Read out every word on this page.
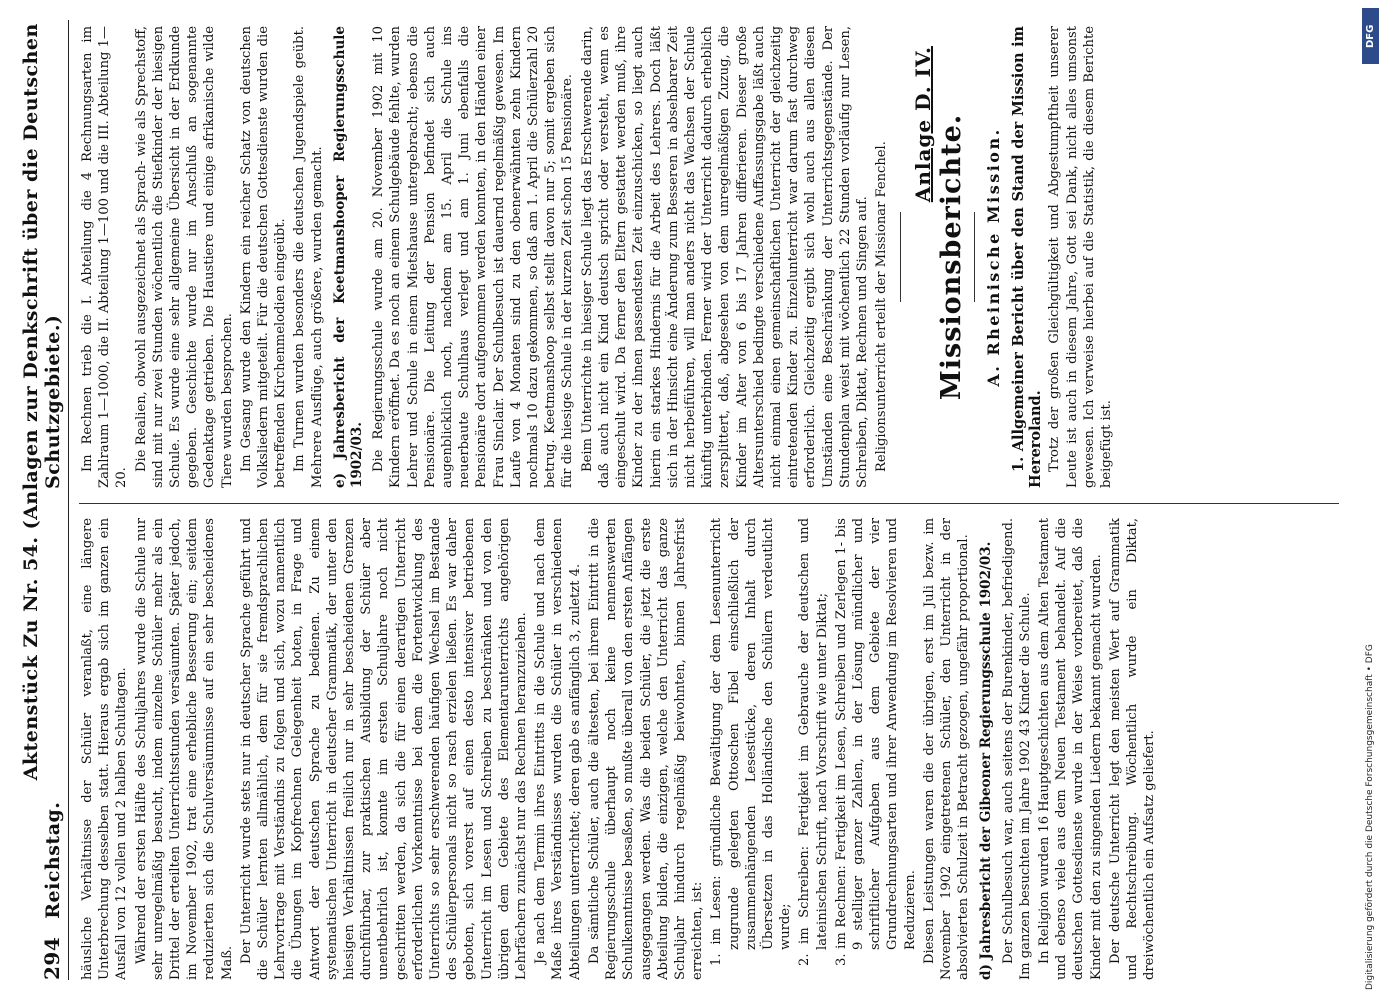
294
Reichstag.
Aktenstück Zu Nr. 54. (Anlagen zur Denkschrift über die Deutschen Schutzgebiete.)

häusliche Verhältnisse der Schüler veranlaßt, eine längere Unterbrechung desselben statt. Hieraus ergab sich im ganzen ein Ausfall von 12 vollen und 2 halben Schultagen. Während der ersten Hälfte des Schuljahres wurde die Schule nur sehr unregelmäßig besucht, indem einzelne Schüler mehr als ein Drittel der erteilten Unterrichtsstunden versäumten. Später jedoch, im November 1902, trat eine erhebliche Besserung ein; seitdem reduzierten sich die Schulversäumnisse auf ein sehr bescheidenes Maß. Der Unterricht wurde stets nur in deutscher Sprache geführt und die Schüler lernten allmählich, dem für sie fremdsprachlichen Lehrvortrage mit Verständnis zu folgen und sich, wozu namentlich die Übungen im Kopfrechnen Gelegenheit boten, in Frage und Antwort der deutschen Sprache zu bedienen. Zu einem systematischen Unterricht in deutscher Grammatik, der unter den hiesigen Verhältnissen freilich nur in sehr bescheidenen Grenzen durchführbar, zur praktischen Ausbildung der Schüler aber unentbehrlich ist, konnte im ersten Schuljahre noch nicht geschritten werden, da sich die für einen derartigen Unterricht erforderlichen Vorkenntnisse bei dem die Fortentwicklung des Unterrichts so sehr erschwerenden häufigen Wechsel im Bestande des Schülerpersonals nicht so rasch erzielen ließen. Es war daher geboten, sich vorerst auf einen desto intensiver betriebenen Unterricht im Lesen und Schreiben zu beschränken und von den übrigen dem Gebiete des Elementarunterrichts angehörigen Lehrfächern zunächst nur das Rechnen heranzuziehen. Je nach dem Termin ihres Eintritts in die Schule und nach dem Maße ihres Verständnisses wurden die Schüler in verschiedenen Abteilungen unterrichtet; deren gab es anfänglich 3, zuletzt 4. Da sämtliche Schüler, auch die ältesten, bei ihrem Eintritt in die Regierungsschule überhaupt noch keine nennenswerten Schulkenntnisse besaßen, so mußte überall von den ersten Anfängen ausgegangen werden. Was die beiden Schüler, die jetzt die erste Abteilung bilden, die einzigen, welche den Unterricht das ganze Schuljahr hindurch regelmäßig beiwohnten, binnen Jahresfrist erreichten, ist: 1. im Lesen: gründliche Bewältigung der dem Lesenunterricht zugrunde gelegten Ottoschen Fibel einschließlich der zusammenhängenden Lesestücke, deren Inhalt durch Übersetzen in das Holländische den Schülern verdeutlicht wurde; 2. im Schreiben: Fertigkeit im Gebrauche der deutschen und lateinischen Schrift, nach Vorschrift wie unter Diktat; 3. im Rechnen: Fertigkeit im Lesen, Schreiben und Zerlegen 1- bis 9 stelliger ganzer Zahlen, in der Lösung mündlicher und schriftlicher Aufgaben aus dem Gebiete der vier Grundrechnungsarten und ihrer Anwendung im Resolvieren und Reduzieren. Diesen Leistungen waren die der übrigen, erst im Juli bezw. im November 1902 eingetretenen Schüler, den Unterricht in der absolvierten Schulzeit in Betracht gezogen, ungefähr proportional. d) Jahresbericht der Gibeoner Regierungsschule 1902/03. Der Schulbesuch war, auch seitens der Burenkinder, befriedigend. Im ganzen besuchten im Jahre 1902 43 Kinder die Schule. In Religion wurden 16 Hauptgeschichten aus dem Alten Testament und ebenso viele aus dem Neuen Testament behandelt. Auf die deutschen Gottesdienste wurde in der Weise vorbereitet, daß die Kinder mit den zu singenden Liedern bekannt gemacht wurden. Der deutsche Unterricht legt den meisten Wert auf Grammatik und Rechtschreibung. Wöchentlich wurde ein Diktat, dreiwöchentlich ein Aufsatz geliefert.

Im Rechnen trieb die I. Abteilung die 4 Rechnungsarten im Zahlraum 1—1000, die II. Abteilung 1—100 und die III. Abteilung 1—20.

Die Realien, obwohl ausgezeichnet als Sprach- wie als Sprechstoff, sind mit nur zwei Stunden wöchentlich die Stiefkinder der hiesigen Schule. Es wurde eine sehr allgemeine Übersicht in der Erdkunde gegeben. Geschichte wurde nur im Anschluß an sogenannte Gedenktage getrieben. Die Haustiere und einige afrikanische wilde Tiere wurden besprochen. Im Gesang wurde den Kindern ein reicher Schatz von deutschen Volksliedern mitgeteilt. Für die deutschen Gottesdienste wurden die betreffenden Kirchenmelodien eingeübt. Im Turnen wurden besonders die deutschen Jugendspiele geübt. Mehrere Ausflüge, auch größere, wurden gemacht. e) Jahresbericht der Keetmanshooper Regierungsschule 1902/03. Die Regierungsschule wurde am 20. November 1902 mit 10 Kindern eröffnet. Da es noch an einem Schulgebäude fehlte, wurden Lehrer und Schule in einem Mietshause untergebracht; ebenso die Pensionäre. Die Leitung der Pension befindet sich auch augenblicklich noch, nachdem am 15. April die Schule ins neuerbaute Schulhaus verlegt und am 1. Juni ebenfalls die Pensionäre dort aufgenommen werden konnten, in den Händen einer Frau Sinclair. Der Schulbesuch ist dauernd regelmäßig gewesen. Im Laufe von 4 Monaten sind zu den obenerwähnten zehn Kindern nochmals 10 dazu gekommen, so daß am 1. April die Schülerzahl 20 betrug. Keetmanshoop selbst stellt davon nur 5; somit ergeben sich für die hiesige Schule in der kurzen Zeit schon 15 Pensionäre. Beim Unterrichte in hiesiger Schule liegt das Erschwerende darin, daß auch nicht ein Kind deutsch spricht oder versteht, wenn es eingeschult wird. Da ferner den Eltern gestattet werden muß, ihre Kinder zu der ihnen passendsten Zeit einzuschicken, so liegt auch hierin ein starkes Hindernis für die Arbeit des Lehrers. Doch läßt sich in der Hinsicht eine Änderung zum Besseren in absehbarer Zeit nicht herbeiführen, will man anders nicht das Wachsen der Schule künftig unterbinden. Ferner wird der Unterricht dadurch erheblich zersplittert, daß, abgesehen von dem unregelmäßigen Zuzug, die Kinder im Alter von 6 bis 17 Jahren differieren. Dieser große Altersunterschied bedingte verschiedene Auffassungsgabe läßt auch nicht einmal einen gemeinschaftlichen Unterricht der gleichzeitig eintretenden Kinder zu. Einzelunterricht war darum fast durchweg erforderlich. Gleichzeitig ergibt sich wohl auch aus allen diesen Umständen eine Beschränkung der Unterrichtsgegenstände. Der Stundenplan weist mit wöchentlich 22 Stunden vorläufig nur Lesen, Schreiben, Diktat, Rechnen und Singen auf. Religionsunterricht erteilt der Missionar Fenchel.

Anlage D. IV. Missionsberichte. A. Rheinische Mission. 1. Allgemeiner Bericht über den Stand der Mission im Hereroland. Trotz der großen Gleichgültigkeit und Abgestumpftheit unserer Leute ist auch in diesem Jahre, Gott sei Dank, nicht alles umsonst gewesen. Ich verweise hierbei auf die Statistik, die diesem Berichte beigefügt ist.

DFG
Digitalisierung gefördert durch die Deutsche Forschungsgemeinschaft • DFG
